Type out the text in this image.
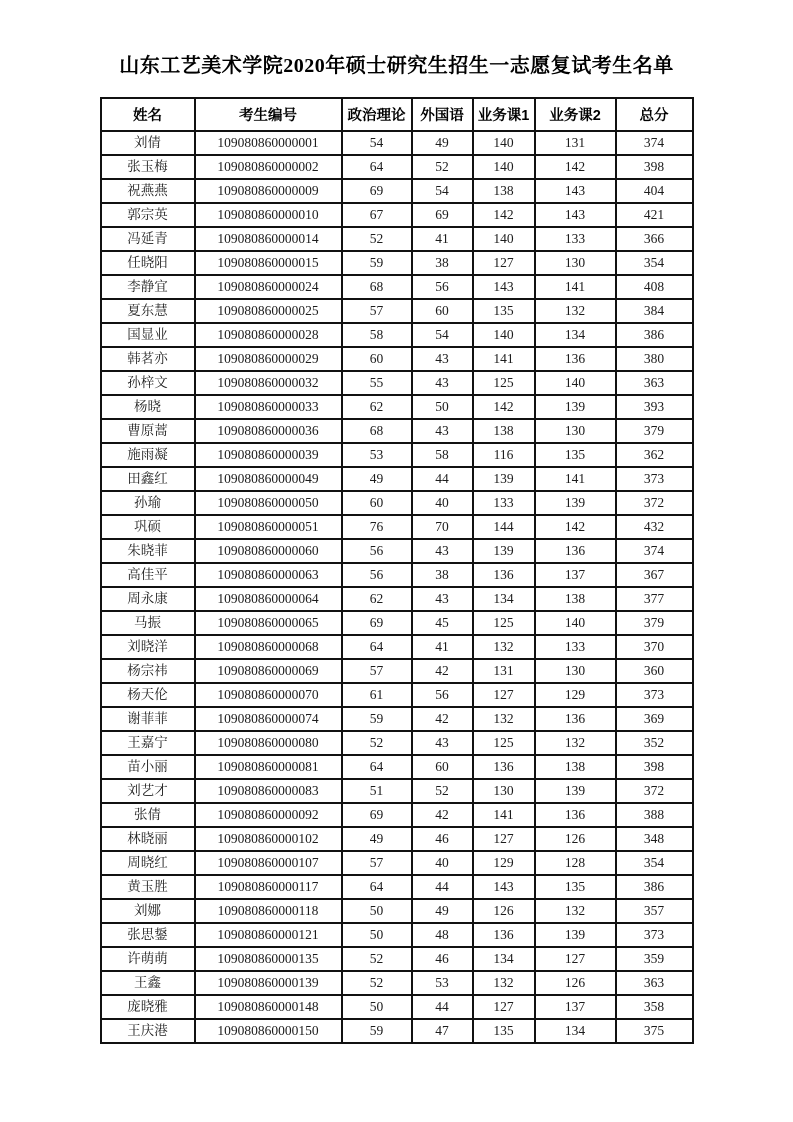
山东工艺美术学院2020年硕士研究生招生一志愿复试考生名单
姓名	考生编号	政治理论	外国语	业务课1	业务课2	总分
刘倩	109080860000001	54	49	140	131	374
张玉梅	109080860000002	64	52	140	142	398
祝燕燕	109080860000009	69	54	138	143	404
郭宗英	109080860000010	67	69	142	143	421
冯延青	109080860000014	52	41	140	133	366
任晓阳	109080860000015	59	38	127	130	354
李静宜	109080860000024	68	56	143	141	408
夏东慧	109080860000025	57	60	135	132	384
国显业	109080860000028	58	54	140	134	386
韩茗亦	109080860000029	60	43	141	136	380
孙梓文	109080860000032	55	43	125	140	363
杨晓	109080860000033	62	50	142	139	393
曹原蒿	109080860000036	68	43	138	130	379
施雨凝	109080860000039	53	58	116	135	362
田鑫红	109080860000049	49	44	139	141	373
孙瑜	109080860000050	60	40	133	139	372
巩硕	109080860000051	76	70	144	142	432
朱晓菲	109080860000060	56	43	139	136	374
高佳平	109080860000063	56	38	136	137	367
周永康	109080860000064	62	43	134	138	377
马振	109080860000065	69	45	125	140	379
刘晓洋	109080860000068	64	41	132	133	370
杨宗祎	109080860000069	57	42	131	130	360
杨天伦	109080860000070	61	56	127	129	373
谢菲菲	109080860000074	59	42	132	136	369
王嘉宁	109080860000080	52	43	125	132	352
苗小丽	109080860000081	64	60	136	138	398
刘艺才	109080860000083	51	52	130	139	372
张倩	109080860000092	69	42	141	136	388
林晓丽	109080860000102	49	46	127	126	348
周晓红	109080860000107	57	40	129	128	354
黄玉胜	109080860000117	64	44	143	135	386
刘娜	109080860000118	50	49	126	132	357
张思鋬	109080860000121	50	48	136	139	373
许萌萌	109080860000135	52	46	134	127	359
王鑫	109080860000139	52	53	132	126	363
庞晓雅	109080860000148	50	44	127	137	358
王庆港	109080860000150	59	47	135	134	375
